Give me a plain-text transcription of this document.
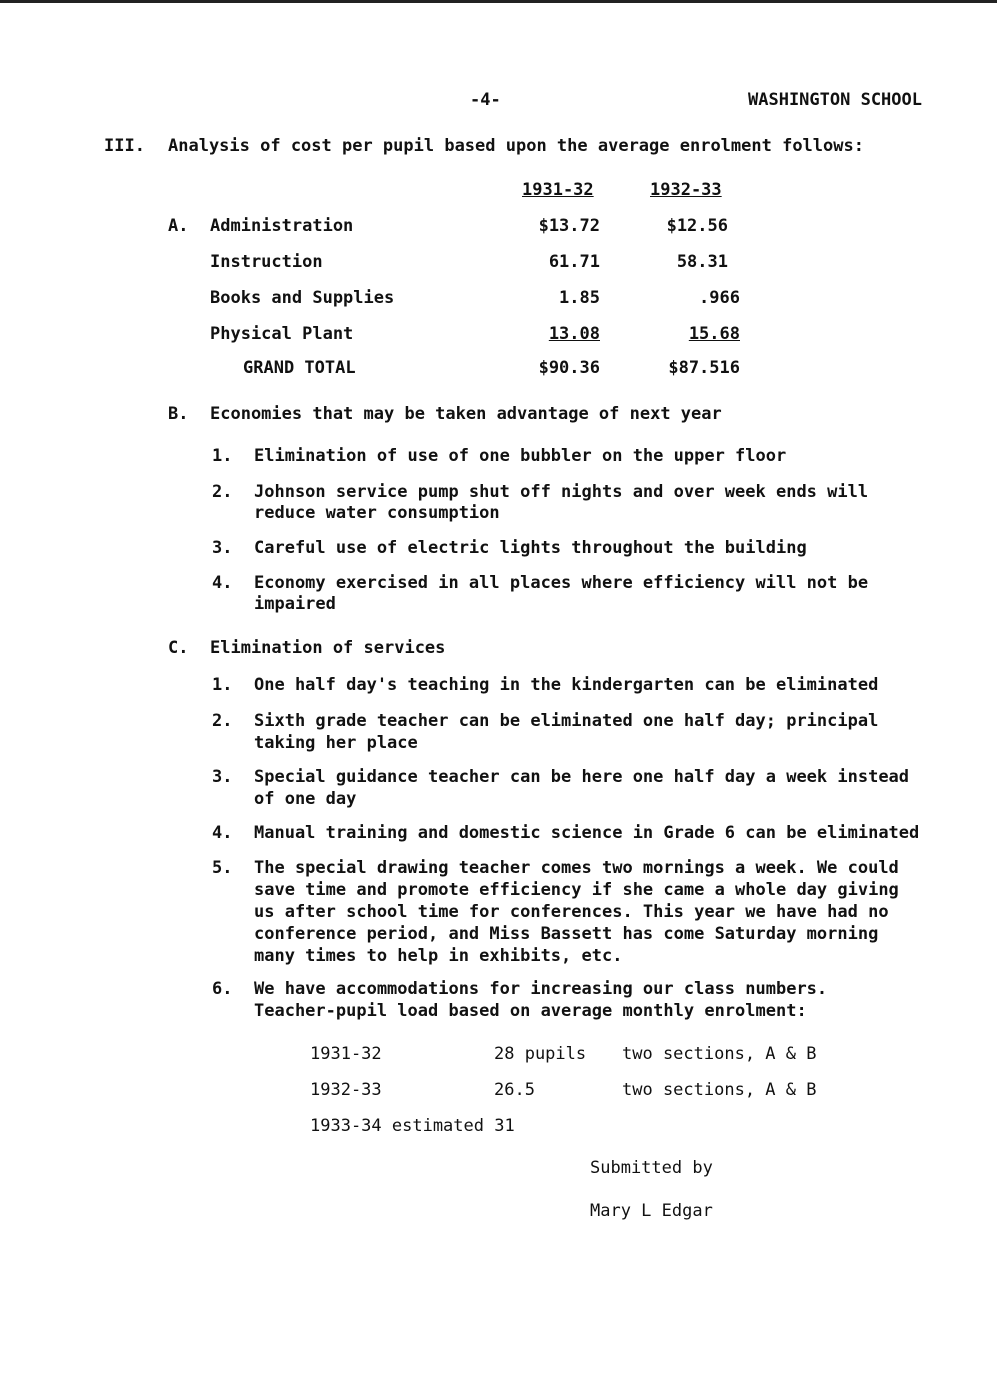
-4-	WASHINGTON SCHOOL
III. Analysis of cost per pupil based upon the average enrolment follows:
1931-32	1932-33
A. Administration	$13.72	$12.56
Instruction	61.71	58.31
Books and Supplies	1.85	.966
Physical Plant	13.08	15.68
GRAND TOTAL	$90.36	$87.516
B. Economies that may be taken advantage of next year
1. Elimination of use of one bubbler on the upper floor
2. Johnson service pump shut off nights and over week ends will
reduce water consumption
3. Careful use of electric lights throughout the building
4. Economy exercised in all places where efficiency will not be
impaired
C. Elimination of services
1. One half day's teaching in the kindergarten can be eliminated
2. Sixth grade teacher can be eliminated one half day; principal
taking her place
3. Special guidance teacher can be here one half day a week instead
of one day
4. Manual training and domestic science in Grade 6 can be eliminated
5. The special drawing teacher comes two mornings a week. We could
save time and promote efficiency if she came a whole day giving
us after school time for conferences. This year we have had no
conference period, and Miss Bassett has come Saturday morning
many times to help in exhibits, etc.
6. We have accommodations for increasing our class numbers.
Teacher-pupil load based on average monthly enrolment:
1931-32	28 pupils two sections, A & B
1932-33	26.5	two sections, A & B
1933-34 estimated 31
Submitted by
Mary L Edgar
